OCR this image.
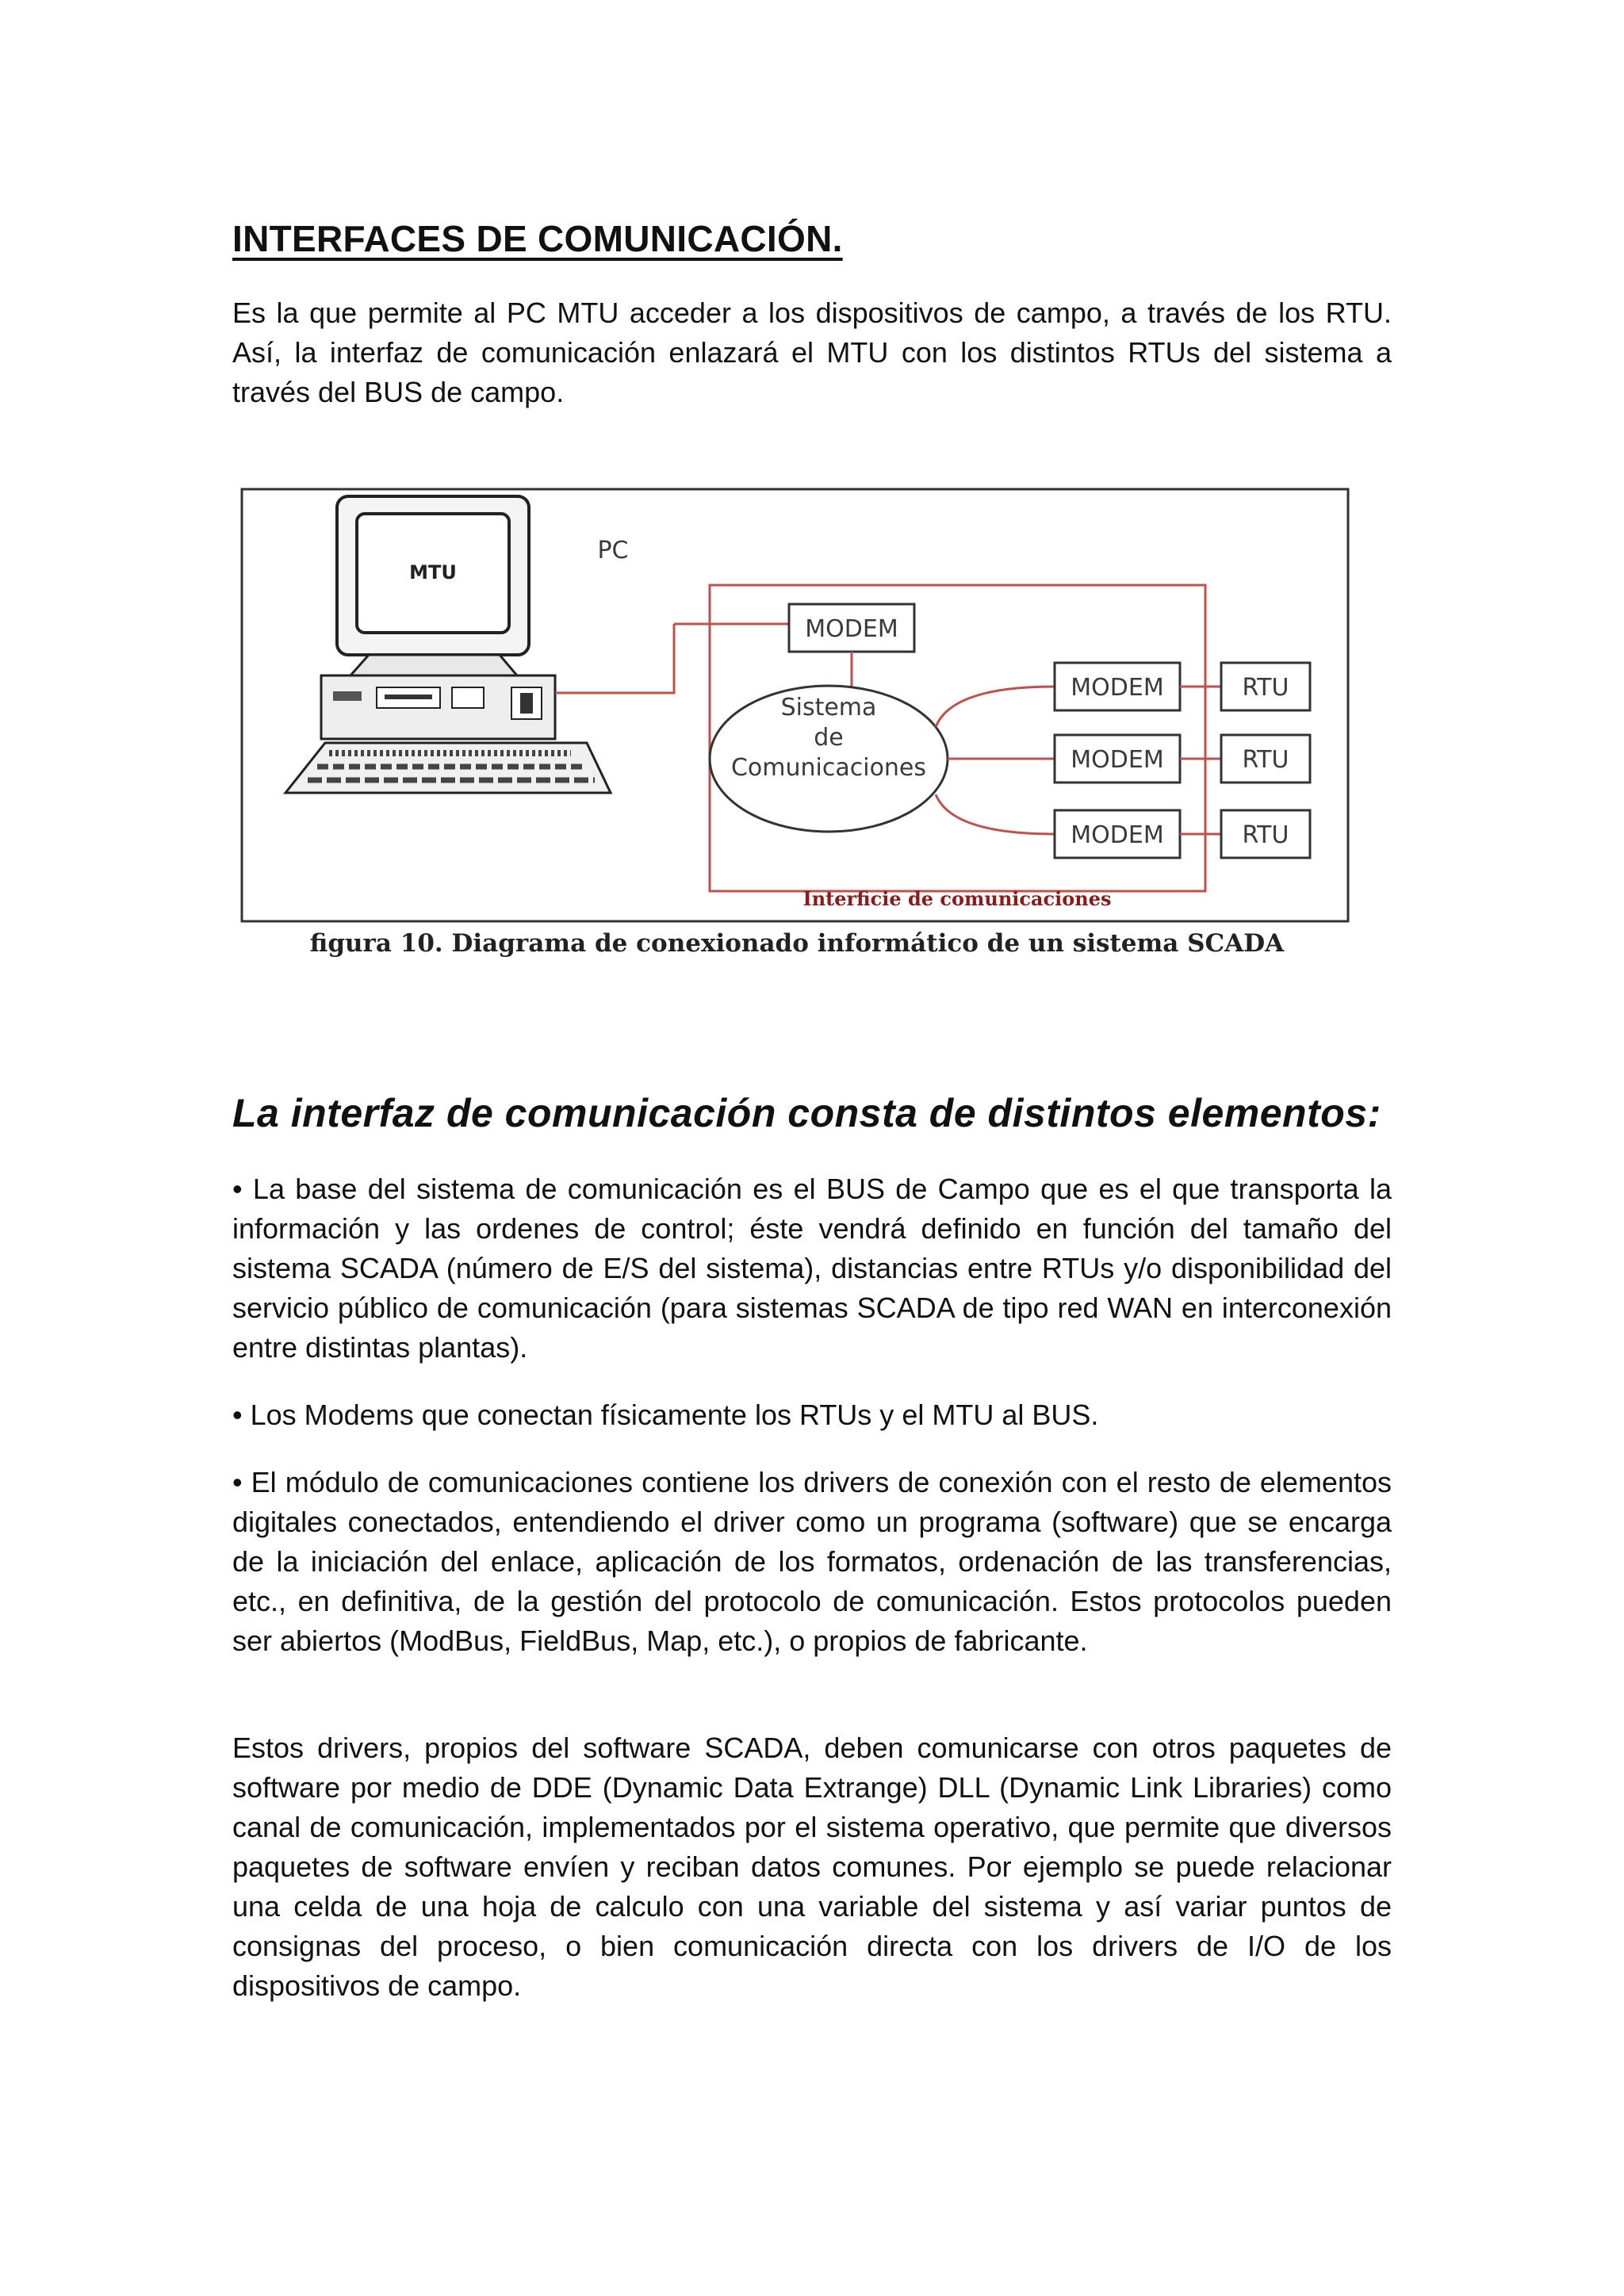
INTERFACES DE COMUNICACIÓN.

Es la que permite al PC MTU acceder a los dispositivos de campo, a través de los RTU. Así, la interfaz de comunicación enlazará el MTU con los distintos RTUs del sistema a través del BUS de campo.

MTU
PC
MODEM
Sistema
de
Comunicaciones
MODEM	RTU
MODEM	RTU
MODEM	RTU
Interficie de comunicaciones
figura 10. Diagrama de conexionado informático de un sistema SCADA
La interfaz de comunicación consta de distintos elementos:

• La base del sistema de comunicación es el BUS de Campo que es el que transporta la información y las ordenes de control; éste vendrá definido en función del tamaño del sistema SCADA (número de E/S del sistema), distancias entre RTUs y/o disponibilidad del servicio público de comunicación (para sistemas SCADA de tipo red WAN en interconexión entre distintas plantas).

• Los Modems que conectan físicamente los RTUs y el MTU al BUS.

• El módulo de comunicaciones contiene los drivers de conexión con el resto de elementos digitales conectados, entendiendo el driver como un programa (software) que se encarga de la iniciación del enlace, aplicación de los formatos, ordenación de las transferencias, etc., en definitiva, de la gestión del protocolo de comunicación. Estos protocolos pueden ser abiertos (ModBus, FieldBus, Map, etc.), o propios de fabricante.

Estos drivers, propios del software SCADA, deben comunicarse con otros paquetes de software por medio de DDE (Dynamic Data Extrange) DLL (Dynamic Link Libraries) como canal de comunicación, implementados por el sistema operativo, que permite que diversos paquetes de software envíen y reciban datos comunes. Por ejemplo se puede relacionar una celda de una hoja de calculo con una variable del sistema y así variar puntos de consignas del proceso, o bien comunicación directa con los drivers de I/O de los dispositivos de campo.
